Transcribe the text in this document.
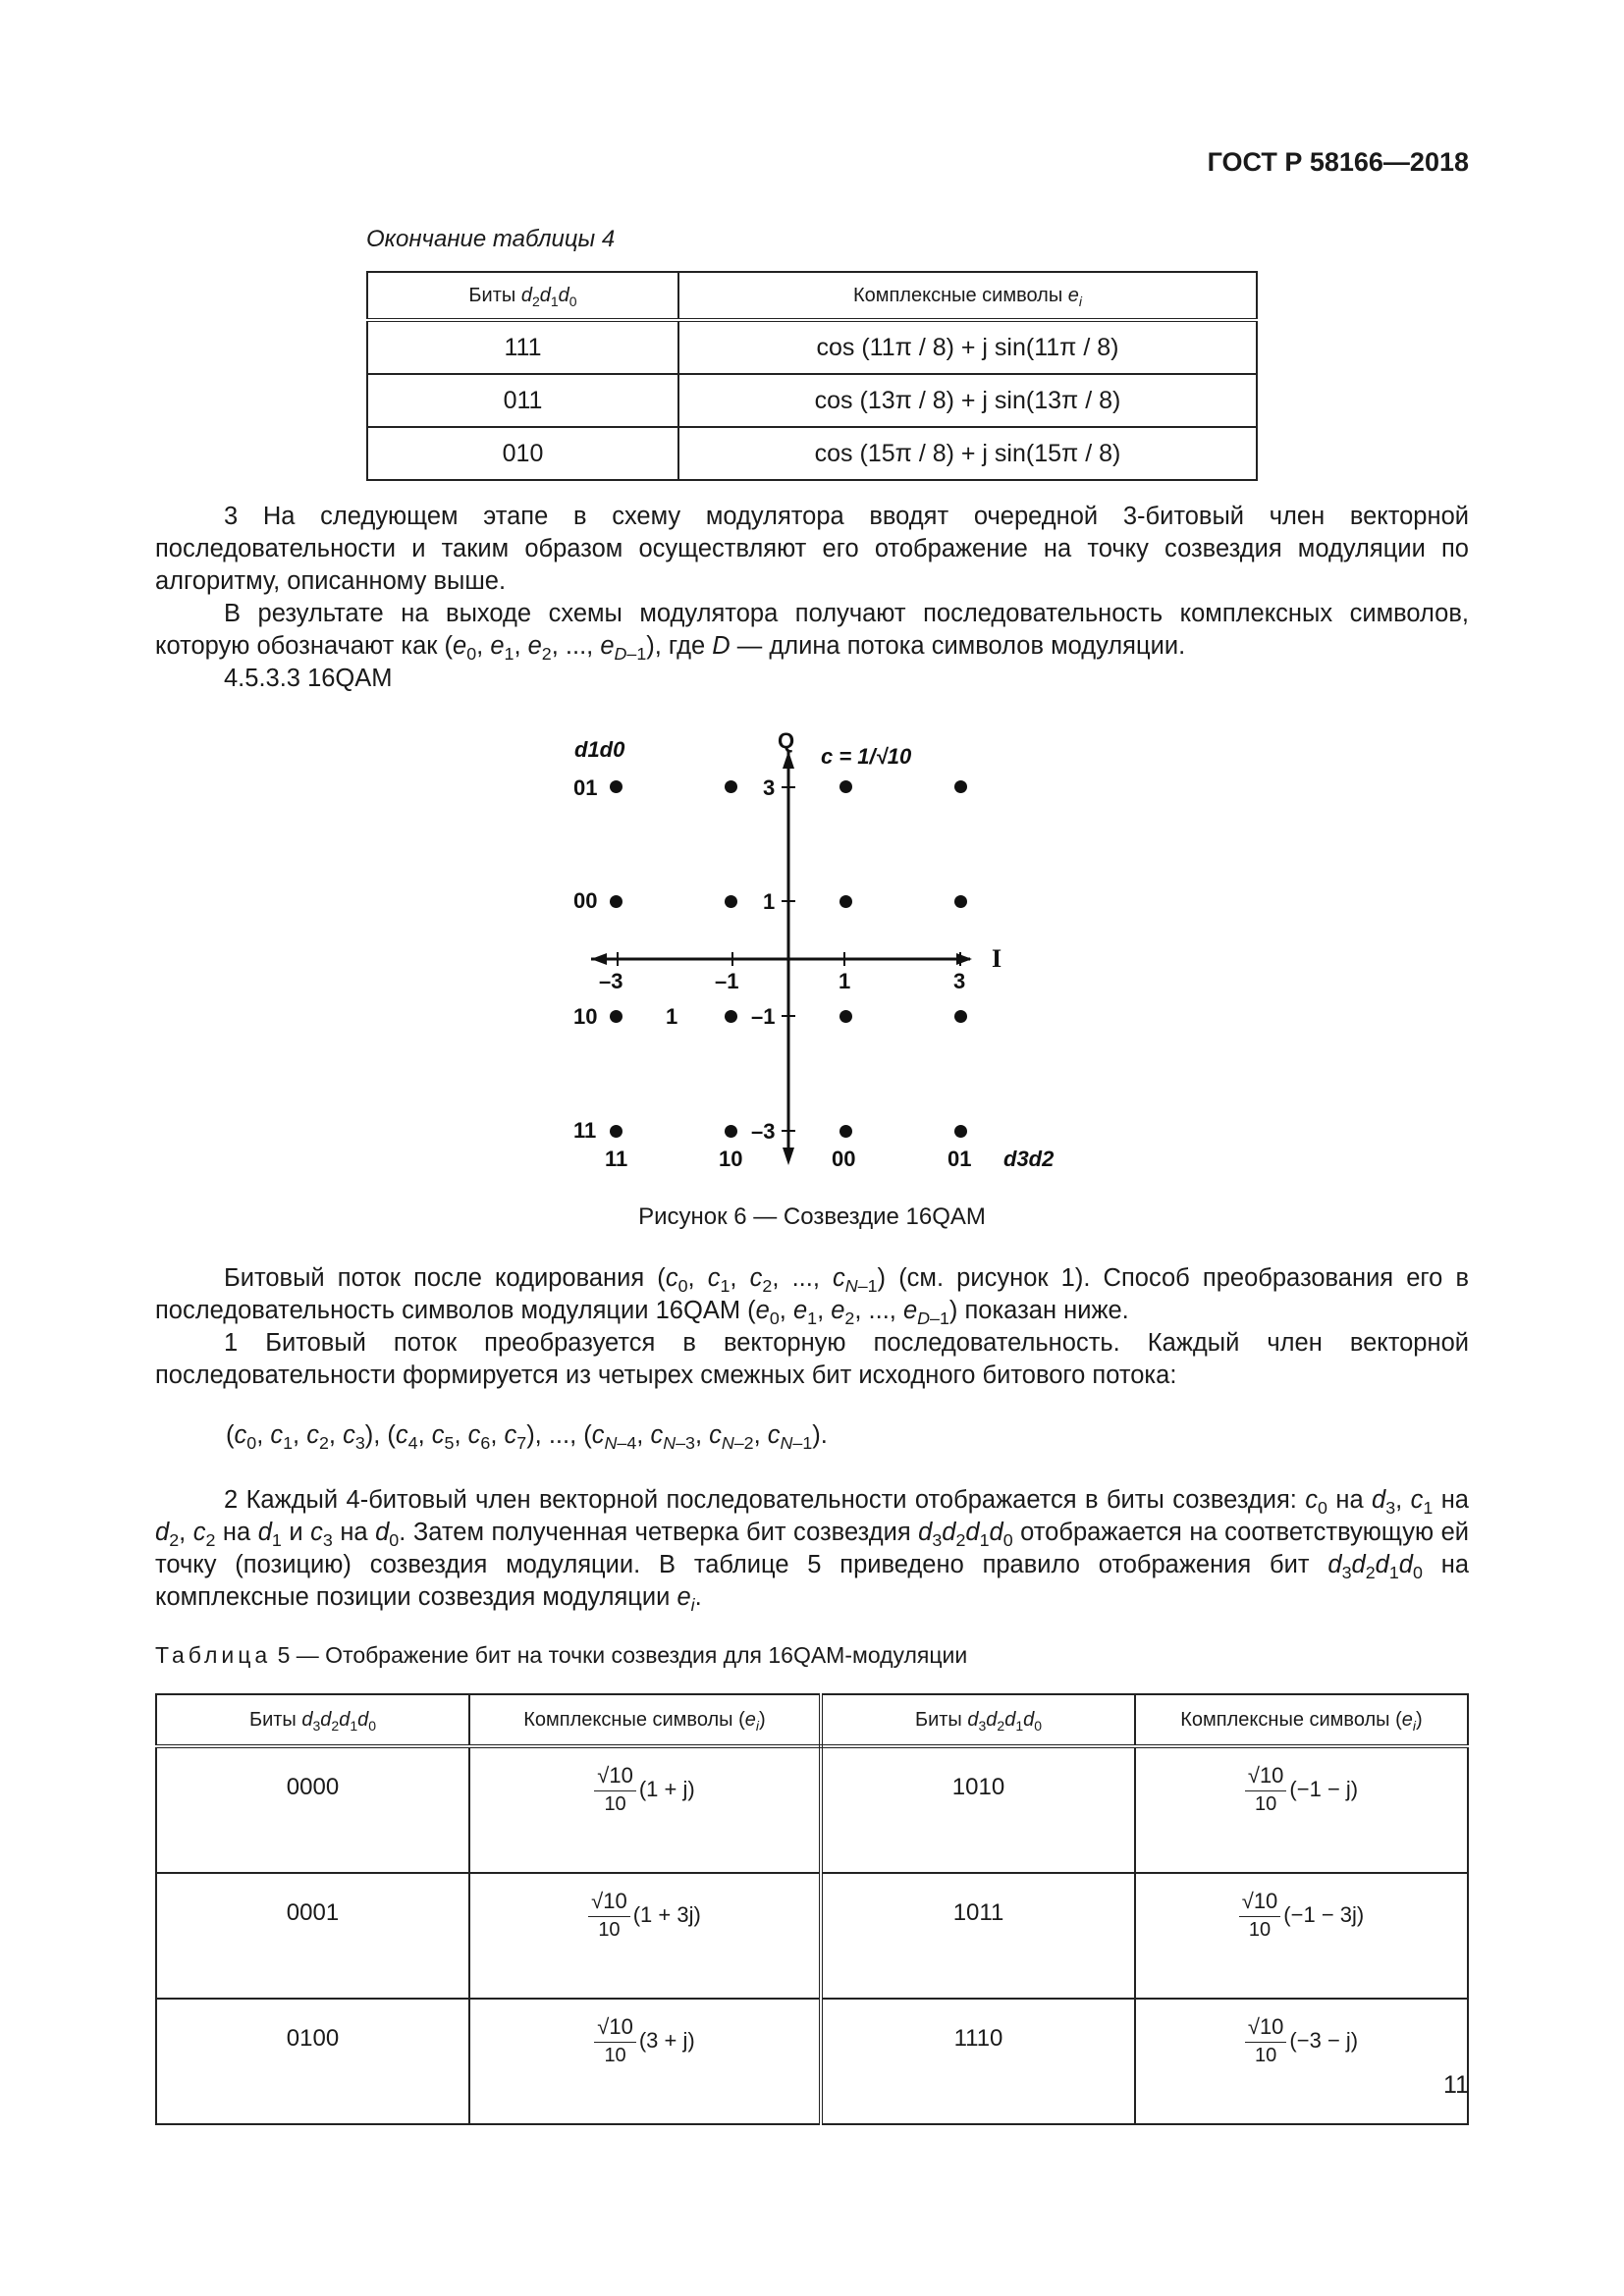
ГОСТ Р 58166—2018
Окончание таблицы 4
Биты $d_2d_1d_0$	Комплексные символы $e_i$
111	cos (11π / 8) + j sin(11π / 8)
011	cos (13π / 8) + j sin(13π / 8)
010	cos (15π / 8) + j sin(15π / 8)

3 На следующем этапе в схему модулятора вводят очередной 3-битовый член векторной последовательности и таким образом осуществляют его отображение на точку созвездия модуляции по алгоритму, описанному выше.

В результате на выходе схемы модулятора получают последовательность комплексных символов, которую обозначают как ($e_0$, $e_1$, $e_2$, ..., $e_{D-1}$), где D — длина потока символов модуляции.

4.5.3.3 16QAM

d1d0	Q
c = 1/√10
I
01
00
10
11
11	10	00	01 d3d2
–3	–1	1	3
3
1
–1
–3
1
Рисунок 6 — Созвездие 16QAM

Битовый поток после кодирования ($c_0$, $c_1$, $c_2$, ..., $c_{N-1}$) (см. рисунок 1). Способ преобразования его в последовательность символов модуляции 16QAM ($e_0$, $e_1$, $e_2$, ..., $e_{D-1}$) показан ниже.

1 Битовый поток преобразуется в векторную последовательность. Каждый член векторной последовательности формируется из четырех смежных бит исходного битового потока:

($c_0$, $c_1$, $c_2$, $c_3$), ($c_4$, $c_5$, $c_6$, $c_7$), ..., ($c_{N-4}$, $c_{N-3}$, $c_{N-2}$, $c_{N-1}$).

2 Каждый 4-битовый член векторной последовательности отображается в биты созвездия: $c_0$ на $d_3$, $c_1$ на $d_2$, $c_2$ на $d_1$ и $c_3$ на $d_0$. Затем полученная четверка бит созвездия $d_3d_2d_1d_0$ отображается на соответствующую ей точку (позицию) созвездия модуляции. В таблице 5 приведено правило отображения бит $d_3d_2d_1d_0$ на комплексные позиции созвездия модуляции $e_i$.

Таблица 5 — Отображение бит на точки созвездия для 16QAM-модуляции
Биты $d_3d_2d_1d_0$	Комплексные символы $(e_i)$	Биты $d_3d_2d_1d_0$	Комплексные символы $(e_i)$
0000	$\frac{√10}{10} (1 + j)$	1010	$\frac{√10}{10} (-1 - j)$

0001	$\frac{√10}{10} (1 + 3j)$	1011	$\frac{√10}{10} (-1 - 3j)$

0100	$\frac{√10}{10} (3 + j)$	1110	$\frac{√10}{10} (-3 - j)$
11
